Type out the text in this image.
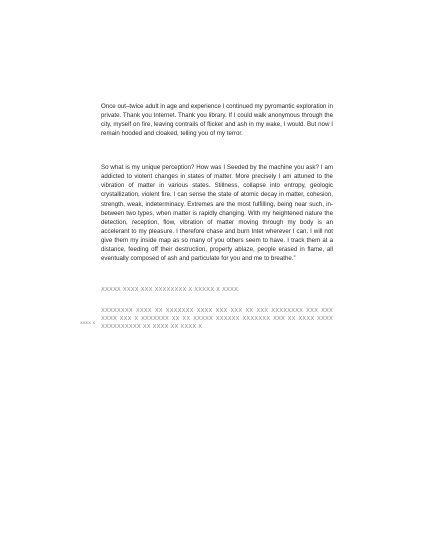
Once out–twice adult in age and experience I continued my pyromantic exploration in private. Thank you Internet. Thank you library. If I could walk anonymous through the city, myself on fire, leaving contrails of flicker and ash in my wake, I would. But now I remain hooded and cloaked, telling you of my terror.

So what is my unique perception? How was I Seeded by the machine you ask? I am addicted to violent changes in states of matter. More precisely I am attuned to the vibration of matter in various states. Stillness, collapse into entropy, geologic crystallization, violent fire. I can sense the state of atomic decay in matter, cohesion, strength, weak, indeterminacy. Extremes are the most fulfilling, being near such, in-between two types, when matter is rapidly changing. With my heightened nature the detection, reception, flow, vibration of matter moving through my body is an accelerant to my pleasure. I therefore chase and burn Intet wherever I can. I will not give them my inside map as so many of you others seem to have. I track them at a distance, feeding off their destruction, property ablaze, people erased in flame, all eventually composed of ash and particulate for you and me to breathe.”

XXXXX XXXX XXX XXXXXXXX X XXXXX X XXXX
xxxx x
XXXXXXXX XXXX XX XXXXXXX XXXX XXX XXX XX XXX XXXXXXXX XXX XXX XXXX XXX X XXXXXXX XX XX XXXXX XXXXXX XXXXXXX XXX XX XXXX XXXX XXXXXXXXXX XX XXXX XX XXXX X
